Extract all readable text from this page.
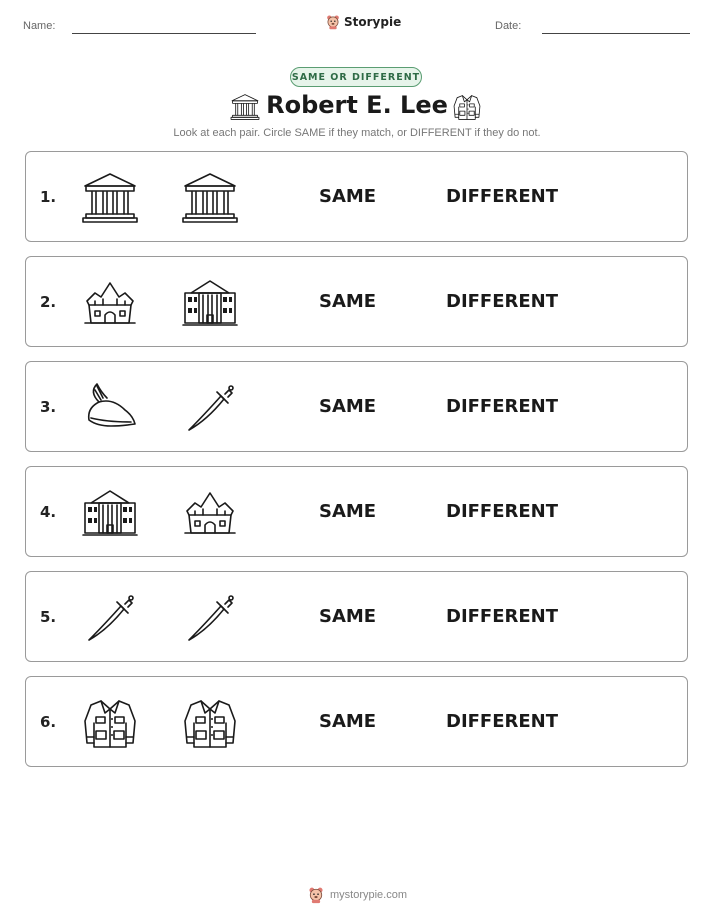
Name:	Storypie	Date:
SAME OR DIFFERENT
Robert E. Lee
Look at each pair. Circle SAME if they match, or DIFFERENT if they do not.
1.	SAME	DIFFERENT
2.	SAME	DIFFERENT
3.	SAME	DIFFERENT
4.	SAME	DIFFERENT
5.	SAME	DIFFERENT
6.	SAME	DIFFERENT
mystorypie.com
